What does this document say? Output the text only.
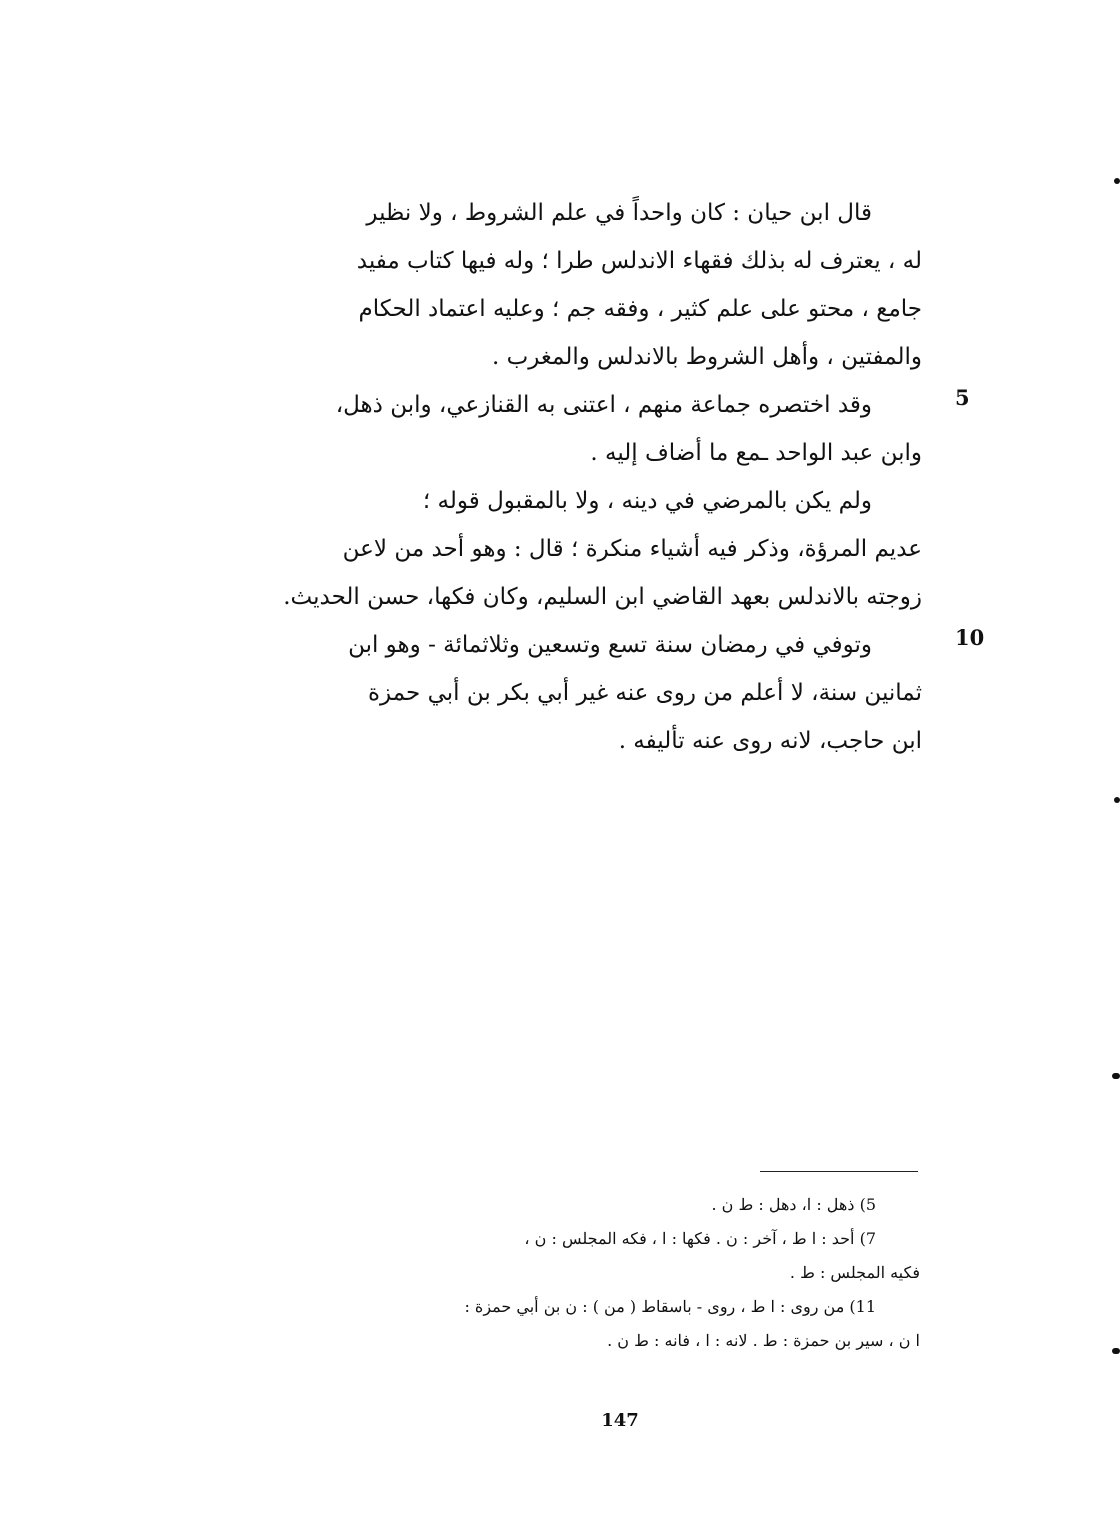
قال ابن حيان : كان واحداً في علم الشروط ، ولا نظير
له ، يعترف له بذلك فقهاء الاندلس طرا ؛ وله فيها كتاب مفيد
جامع ، محتو على علم كثير ، وفقه جم ؛ وعليه اعتماد الحكام
والمفتين ، وأهل الشروط بالاندلس والمغرب .
وقد اختصره جماعة منهم ، اعتنى به القنازعي، وابن ذهل،
وابن عبد الواحد ـمع ما أضاف إليه .
ولم يكن بالمرضي في دينه ، ولا بالمقبول قوله ؛
عديم المرؤة، وذكر فيه أشياء منكرة ؛ قال : وهو أحد من لاعن
زوجته بالاندلس بعهد القاضي ابن السليم، وكان فكها، حسن الحديث.
وتوفي في رمضان سنة تسع وتسعين وثلاثمائة - وهو ابن
ثمانين سنة، لا أعلم من روى عنه غير أبي بكر بن أبي حمزة
ابن حاجب، لانه روى عنه تأليفه .
5
10
5) ذهل : ا، دهل : ط ن .
7) أحد : ا ط ، آخر : ن . فكها : ا ، فكه المجلس : ن ،
فكيه المجلس : ط .
11) من روى : ا ط ، روى - باسقاط ( من ) : ن بن أبي حمزة :
ا ن ، سير بن حمزة : ط . لانه : ا ، فانه : ط ن .
147
